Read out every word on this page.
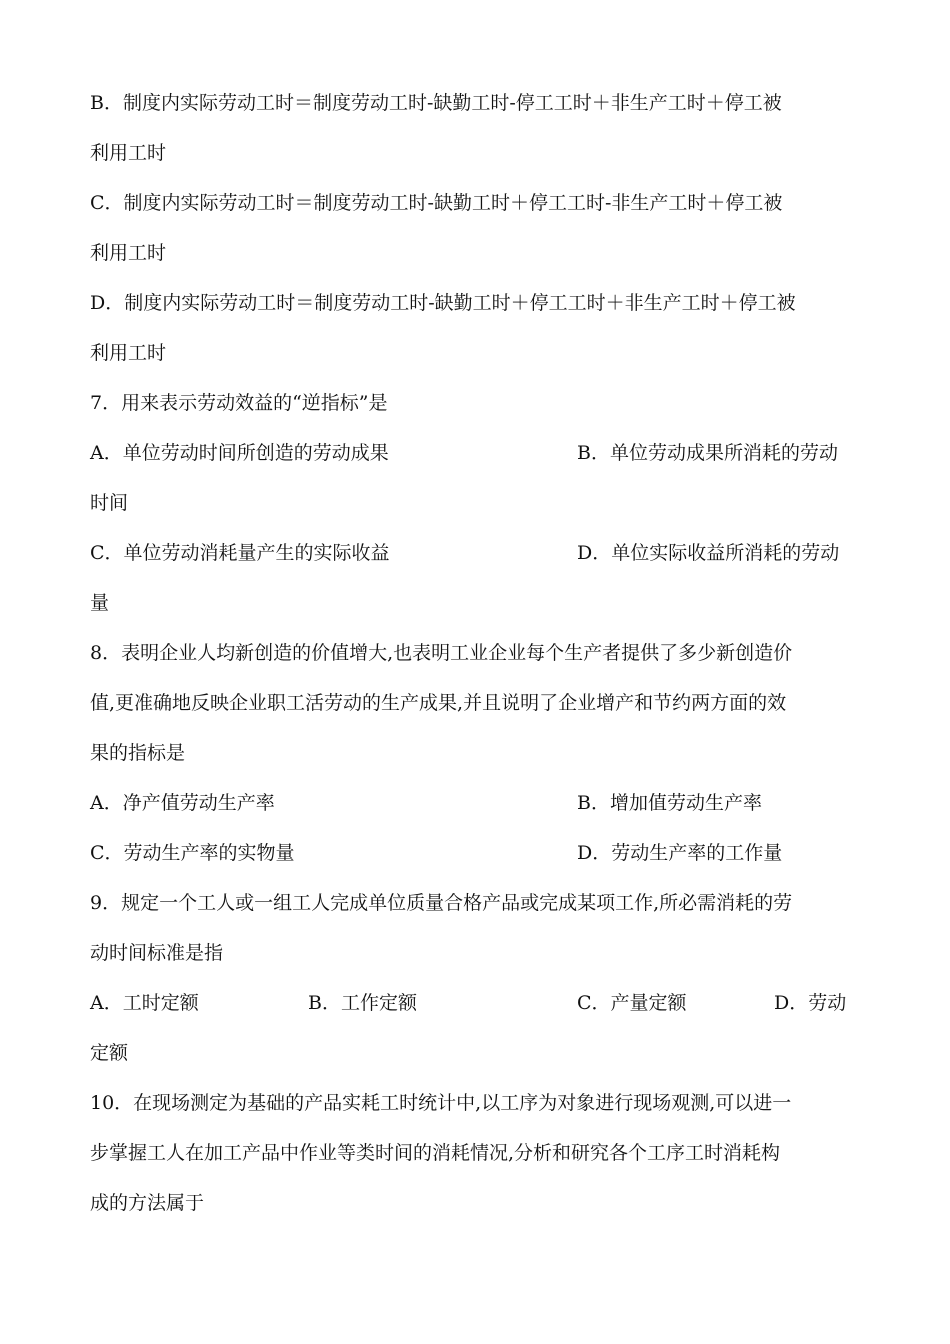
B．制度内实际劳动工时＝制度劳动工时-缺勤工时-停工工时＋非生产工时＋停工被
利用工时
C．制度内实际劳动工时＝制度劳动工时-缺勤工时＋停工工时-非生产工时＋停工被
利用工时
D．制度内实际劳动工时＝制度劳动工时-缺勤工时＋停工工时＋非生产工时＋停工被
利用工时
7．用来表示劳动效益的“逆指标”是
A．单位劳动时间所创造的劳动成果	B．单位劳动成果所消耗的劳动
时间
C．单位劳动消耗量产生的实际收益	D．单位实际收益所消耗的劳动
量
8．表明企业人均新创造的价值增大,也表明工业企业每个生产者提供了多少新创造价
值,更准确地反映企业职工活劳动的生产成果,并且说明了企业增产和节约两方面的效
果的指标是
A．净产值劳动生产率	B．增加值劳动生产率
C．劳动生产率的实物量	D．劳动生产率的工作量
9．规定一个工人或一组工人完成单位质量合格产品或完成某项工作,所必需消耗的劳
动时间标准是指
A．工时定额	B．工作定额	C．产量定额	D．劳动
定额
10．在现场测定为基础的产品实耗工时统计中,以工序为对象进行现场观测,可以进一
步掌握工人在加工产品中作业等类时间的消耗情况,分析和研究各个工序工时消耗构
成的方法属于
